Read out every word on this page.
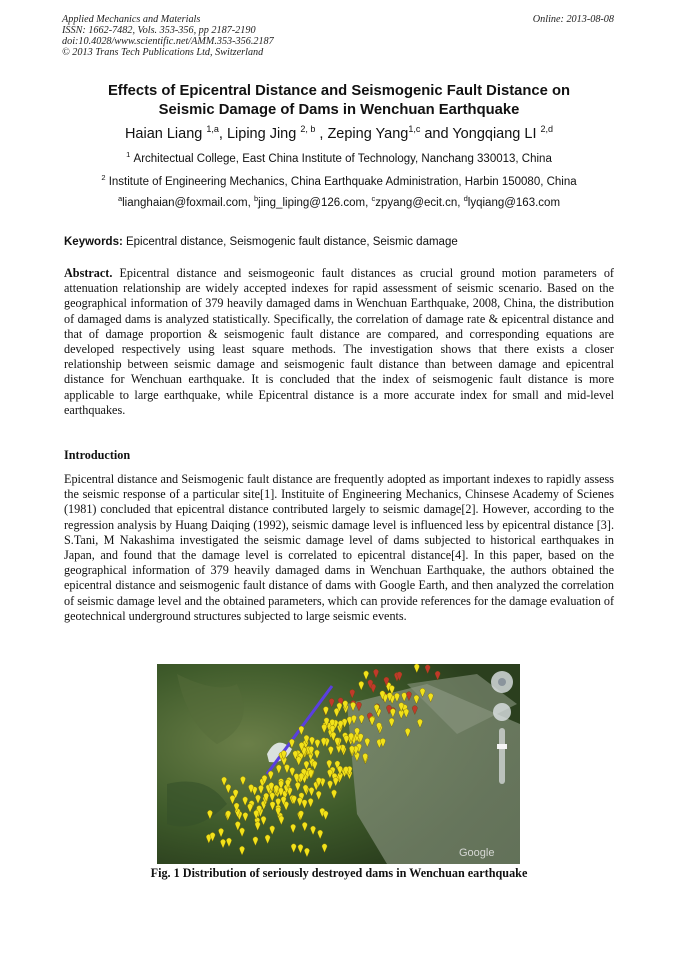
Applied Mechanics and Materials
ISSN: 1662-7482, Vols. 353-356, pp 2187-2190
doi:10.4028/www.scientific.net/AMM.353-356.2187
© 2013 Trans Tech Publications Ltd, Switzerland
Online: 2013-08-08
Effects of Epicentral Distance and Seismogenic Fault Distance on
Seismic Damage of Dams in Wenchuan Earthquake
Haian Liang $^{1,a}$, Liping Jing $^{2, b}$ , Zeping Yang$^{1,c}$ and Yongqiang LI $^{2,d}$
$^1$ Architectual College, East China Institute of Technology, Nanchang 330013, China
$^2$ Institute of Engineering Mechanics, China Earthquake Administration, Harbin 150080, China
$^a$lianghaian@foxmail.com, $^b$jing_liping@126.com, $^c$zpyang@ecit.cn, $^d$lyqiang@163.com
Keywords: Epicentral distance, Seismogenic fault distance, Seismic damage

Abstract. Epicentral distance and seismogeonic fault distances as crucial ground motion parameters of attenuation relationship are widely accepted indexes for rapid assessment of seismic scenario. Based on the geographical information of 379 heavily damaged dams in Wenchuan Earthquake, 2008, China, the distribution of damaged dams is analyzed statistically. Specifically, the correlation of damage rate & epicentral distance and that of damage proportion & seismogenic fault distance are compared, and corresponding equations are developed respectively using least square methods. The investigation shows that there exists a closer relationship between seismic damage and seismogenic fault distance than between damage and epicentral distance for Wenchuan earthquake. It is concluded that the index of seismogenic fault distance is more applicable to large earthquake, while Epicentral distance is a more accurate index for small and mid-level earthquakes.

Introduction

Epicentral distance and Seismogenic fault distance are frequently adopted as important indexes to rapidly assess the seismic response of a particular site[1]. Instituite of Engineering Mechanics, Chinsese Academy of Scienes (1981) concluded that epicentral distance contributed largely to seismic damage[2]. However, according to the regression analysis by Huang Daiqing (1992), seismic damage level is influenced less by epicentral distance [3]. S.Tani, M Nakashima investigated the seismic damage level of dams subjected to historical earthquakes in Japan, and found that the damage level is correlated to epicentral distance[4]. In this paper, based on the geographical information of 379 heavily damaged dams in Wenchuan Earthquake, the authors obtained the epicentral distance and seismogenic fault distance of dams with Google Earth, and then analyzed the correlation of seismic damage level and the obtained parameters, which can provide references for the damage evaluation of geotechnical underground structures subjected to large seismic events.

Google
Fig. 1 Distribution of seriously destroyed dams in Wenchuan earthquake
